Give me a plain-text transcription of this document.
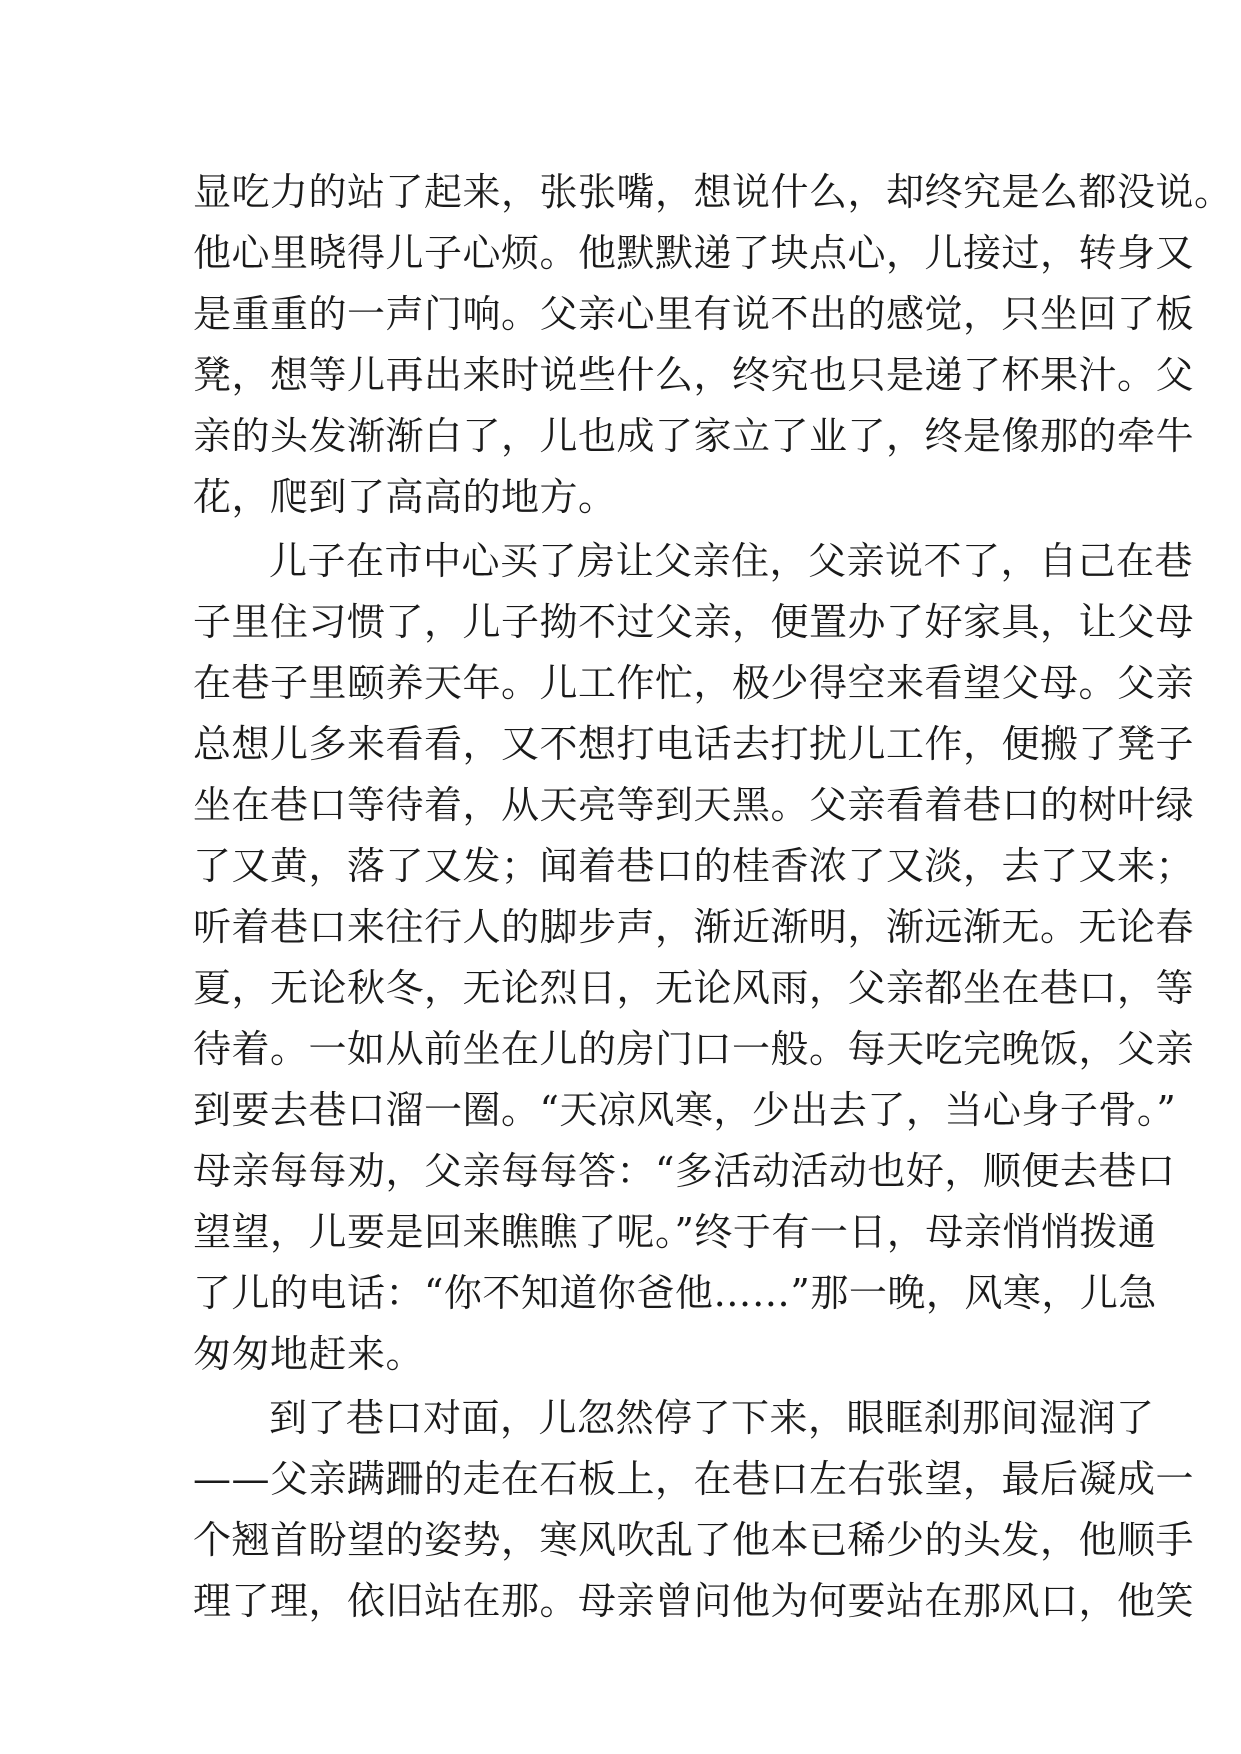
显吃力的站了起来，张张嘴，想说什么，却终究是么都没说。
他心里晓得儿子心烦。他默默递了块点心，儿接过，转身又
是重重的一声门响。父亲心里有说不出的感觉，只坐回了板
凳，想等儿再出来时说些什么，终究也只是递了杯果汁。父
亲的头发渐渐白了，儿也成了家立了业了，终是像那的牵牛
花，爬到了高高的地方。
儿子在市中心买了房让父亲住，父亲说不了，自己在巷
子里住习惯了，儿子拗不过父亲，便置办了好家具，让父母
在巷子里颐养天年。儿工作忙，极少得空来看望父母。父亲
总想儿多来看看，又不想打电话去打扰儿工作，便搬了凳子
坐在巷口等待着，从天亮等到天黑。父亲看着巷口的树叶绿
了又黄，落了又发；闻着巷口的桂香浓了又淡，去了又来；
听着巷口来往行人的脚步声，渐近渐明，渐远渐无。无论春
夏，无论秋冬，无论烈日，无论风雨，父亲都坐在巷口，等
待着。一如从前坐在儿的房门口一般。每天吃完晚饭，父亲
到要去巷口溜一圈。“天凉风寒，少出去了，当心身子骨。”
母亲每每劝，父亲每每答：“多活动活动也好，顺便去巷口
望望，儿要是回来瞧瞧了呢。”终于有一日，母亲悄悄拨通
了儿的电话：“你不知道你爸他……”那一晚，风寒，儿急
匆匆地赶来。
到了巷口对面，儿忽然停了下来，眼眶刹那间湿润了
——父亲蹒跚的走在石板上，在巷口左右张望，最后凝成一
个翘首盼望的姿势，寒风吹乱了他本已稀少的头发，他顺手
理了理，依旧站在那。母亲曾问他为何要站在那风口，他笑
